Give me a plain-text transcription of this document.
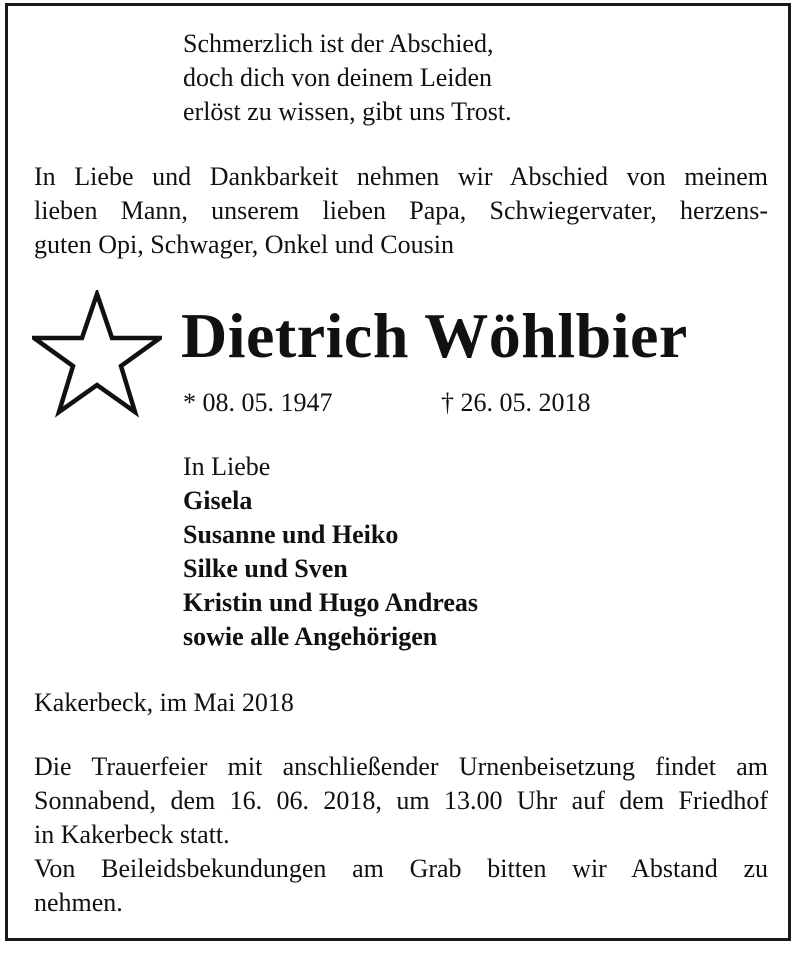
Schmerzlich ist der Abschied,
doch dich von deinem Leiden
erlöst zu wissen, gibt uns Trost.
In Liebe und Dankbarkeit nehmen wir Abschied von meinem
lieben Mann, unserem lieben Papa, Schwiegervater, herzens-
guten Opi, Schwager, Onkel und Cousin
Dietrich Wöhlbier
* 08. 05. 1947	† 26. 05. 2018
In Liebe
Gisela
Susanne und Heiko
Silke und Sven
Kristin und Hugo Andreas
sowie alle Angehörigen
Kakerbeck, im Mai 2018
Die Trauerfeier mit anschließender Urnenbeisetzung findet am
Sonnabend, dem 16. 06. 2018, um 13.00 Uhr auf dem Friedhof
in Kakerbeck statt.
Von Beileidsbekundungen am Grab bitten wir Abstand zu
nehmen.
